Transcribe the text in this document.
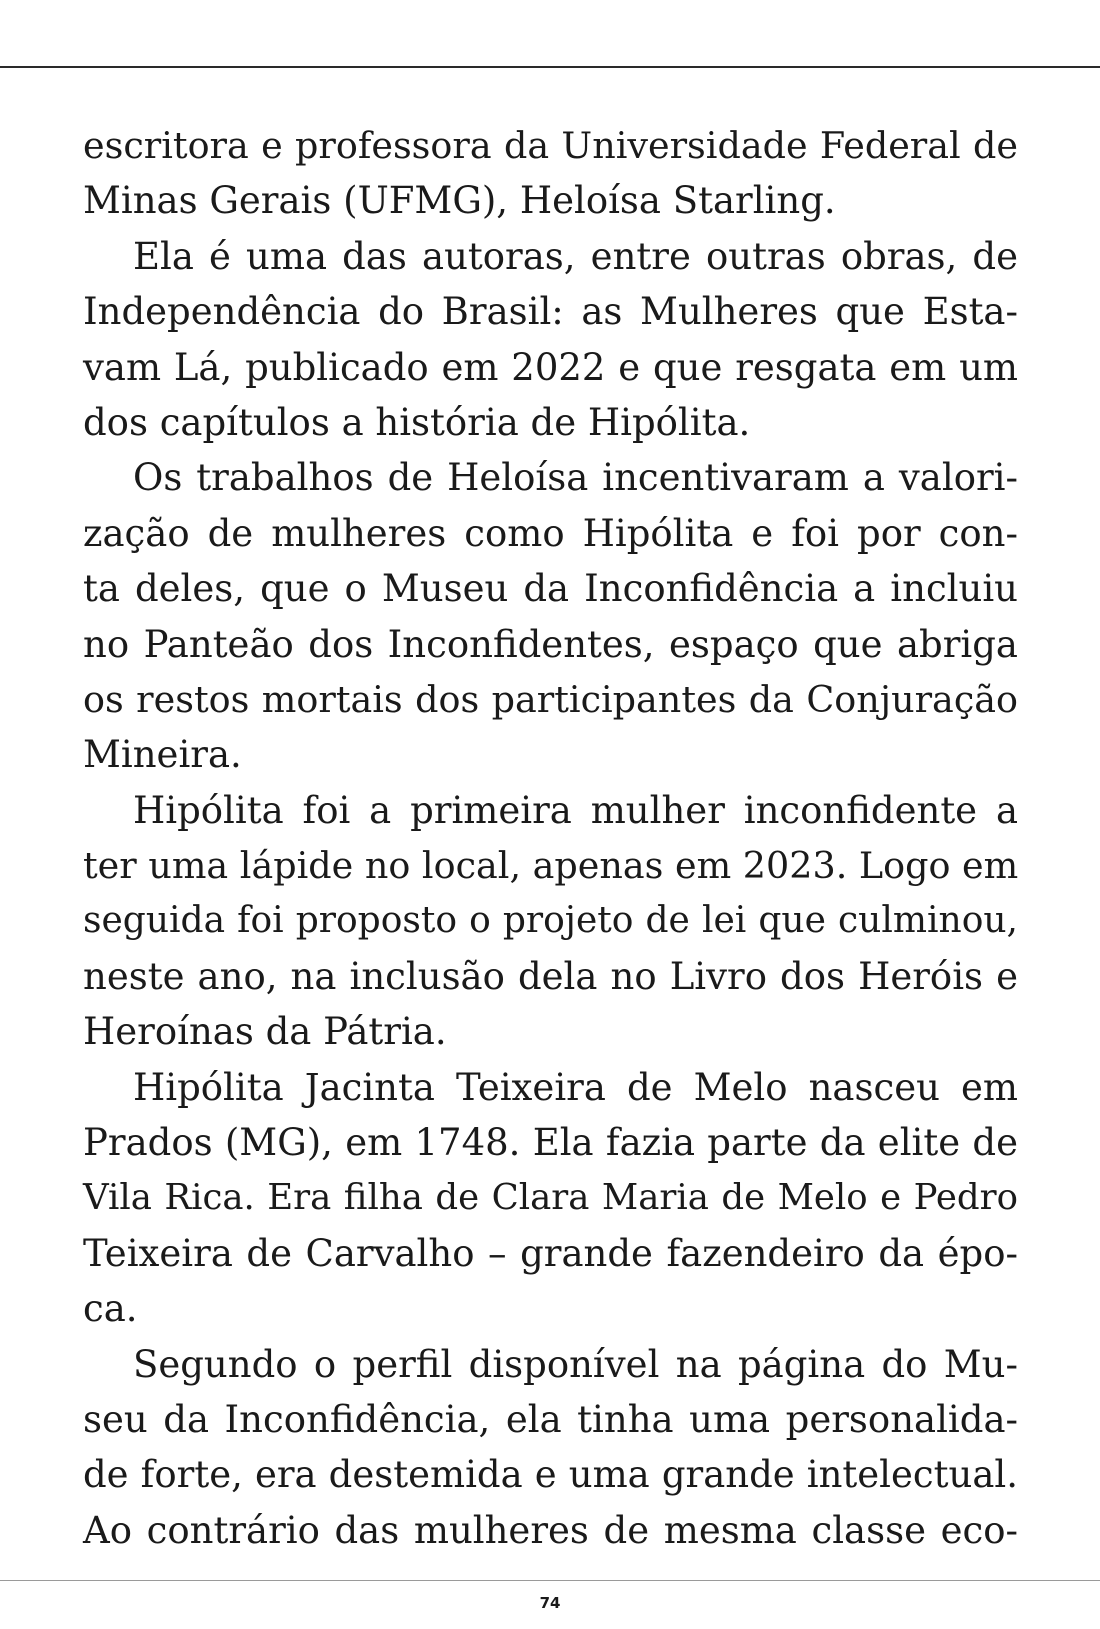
escritora e professora da Universidade Federal de
Minas Gerais (UFMG), Heloísa Starling.

Ela é uma das autoras, entre outras obras, de
Independência do Brasil: as Mulheres que Esta-
vam Lá, publicado em 2022 e que resgata em um
dos capítulos a história de Hipólita.

Os trabalhos de Heloísa incentivaram a valori-
zação de mulheres como Hipólita e foi por con-
ta deles, que o Museu da Inconfidência a incluiu
no Panteão dos Inconfidentes, espaço que abriga
os restos mortais dos participantes da Conjuração
Mineira.

Hipólita foi a primeira mulher inconfidente a
ter uma lápide no local, apenas em 2023. Logo em
seguida foi proposto o projeto de lei que culminou,
neste ano, na inclusão dela no Livro dos Heróis e
Heroínas da Pátria.

Hipólita Jacinta Teixeira de Melo nasceu em
Prados (MG), em 1748. Ela fazia parte da elite de
Vila Rica. Era filha de Clara Maria de Melo e Pedro
Teixeira de Carvalho – grande fazendeiro da épo-
ca.

Segundo o perfil disponível na página do Mu-
seu da Inconfidência, ela tinha uma personalida-
de forte, era destemida e uma grande intelectual.
Ao contrário das mulheres de mesma classe eco-

74
